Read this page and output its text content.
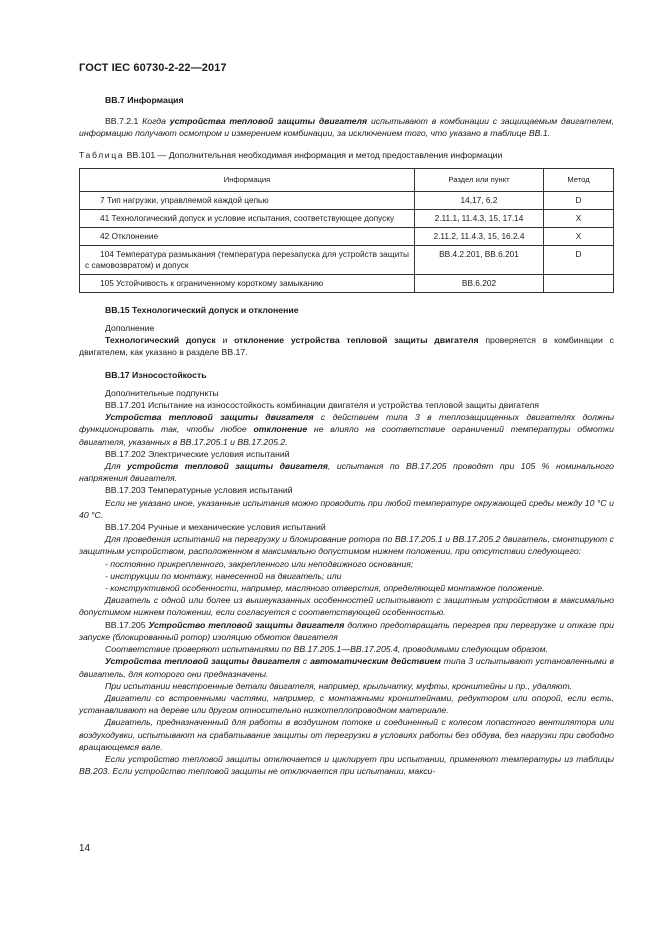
ГОСТ IEC 60730-2-22—2017

BB.7 Информация

BB.7.2.1 Когда устройства тепловой защиты двигателя испытывают в комбинации с защищаемым двигателем, информацию получают осмотром и измерением комбинации, за исключением того, что указано в таблице BB.1.

Таблица BB.101 — Дополнительная необходимая информация и метод предоставления информации

Информация	Раздел или пункт	Метод
7 Тип нагрузки, управляемой каждой цепью	14,17, 6.2	D
41 Технологический допуск и условие испытания, соответствующее допуску	2.11.1, 11.4.3, 15, 17.14	X
42 Отклонение	2.11.2, 11.4.3, 15, 16.2.4	X
104 Температура размыкания (температура перезапуска для устройств защиты с самовозвратом) и допуск	BB.4.2.201, BB.6.201	D
105 Устойчивость к ограниченному короткому замыканию	BB.6.202	

BB.15 Технологический допуск и отклонение

Дополнение

Технологический допуск и отклонение устройства тепловой защиты двигателя проверяется в комбинации с двигателем, как указано в разделе BB.17.

BB.17 Износостойкость

Дополнительные подпункты

BB.17.201 Испытание на износостойкость комбинации двигателя и устройства тепловой защиты двигателя

Устройства тепловой защиты двигателя с действием типа 3 в теплозащищенных двигателях должны функционировать так, чтобы любое отклонение не влияло на соответствие ограничений температуры обмотки двигателя, указанных в BB.17.205.1 и BB.17.205.2.

BB.17.202 Электрические условия испытаний

Для устройств тепловой защиты двигателя, испытания по BB.17.205 проводят при 105 % номинального напряжения двигателя.

BB.17.203 Температурные условия испытаний

Если не указано иное, указанные испытания можно проводить при любой температуре окружающей среды между 10 °C и 40 °C.

BB.17.204 Ручные и механические условия испытаний

Для проведения испытаний на перегрузку и блокирование ротора по BB.17.205.1 и BB.17.205.2 двигатель, смонтируют с защитным устройством, расположенном в максимально допустимом нижнем положении, при отсутствии следующего:

- постоянно прикрепленного, закрепленного или неподвижного основания;

- инструкции по монтажу, нанесенной на двигатель; или

- конструктивной особенности, например, масляного отверстия, определяющей монтажное положение.

Двигатель с одной или более из вышеуказанных особенностей испытывают с защитным устройством в максимально допустимом нижнем положении, если согласуется с соответствующей особенностью.

BB.17.205 Устройство тепловой защиты двигателя должно предотвращать перегрев при перегрузке и отказе при запуске (блокированный ротор) изоляцию обмоток двигателя

Соответствие проверяют испытаниями по BB.17.205.1—BB.17.205.4, проводимыми следующим образом.

Устройства тепловой защиты двигателя с автоматическим действием типа 3 испытывают установленными в двигатель, для которого они предназначены.

При испытании невстроенные детали двигателя, например, крыльчатку, муфты, кронштейны и пр., удаляют.

Двигатели со встроенными частями, например, с монтажными кронштейнами, редуктором или опорой, если есть, устанавливают на дереве или другом относительно низкотеплопроводном материале.

Двигатель, предназначенный для работы в воздушном потоке и соединенный с колесом лопастного вентилятора или воздуходувки, испытывают на срабатывание защиты от перегрузки в условиях работы без обдува, без нагрузки при свободно вращающемся вале.

Если устройство тепловой защиты отключается и циклирует при испытании, применяют температуры из таблицы BB.203. Если устройство тепловой защиты не отключается при испытании, макси-

14
